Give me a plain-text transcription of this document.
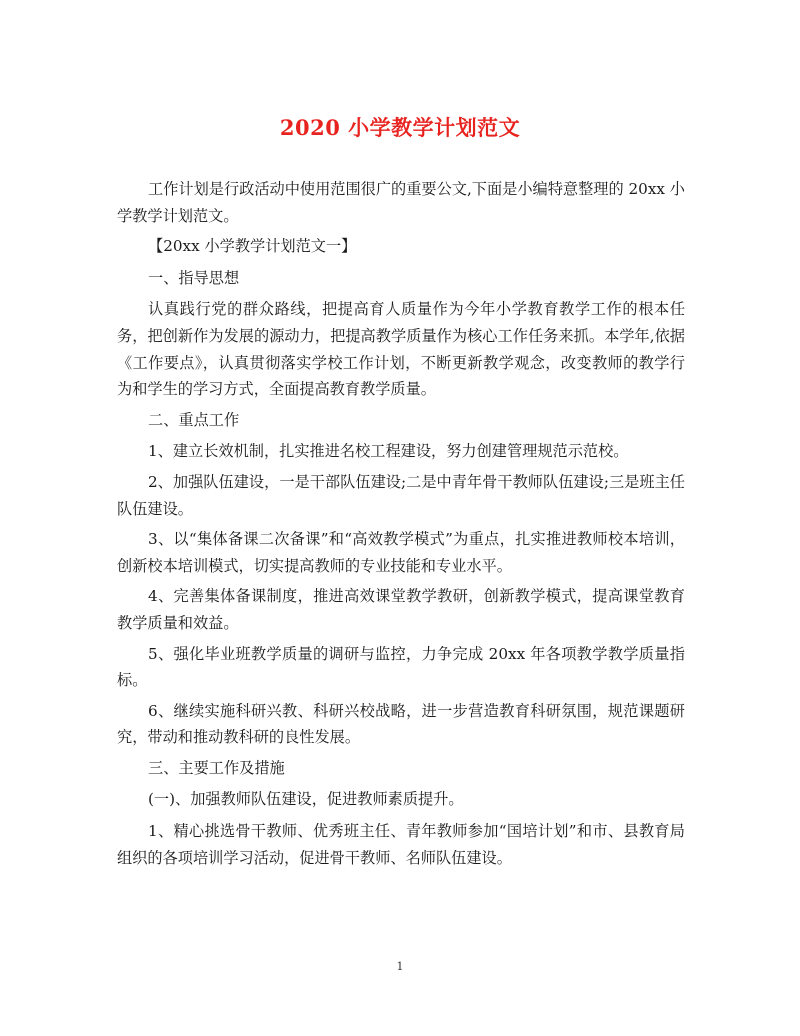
2020 小学教学计划范文

工作计划是行政活动中使用范围很广的重要公文,下面是小编特意整理的 20xx 小学教学计划范文。

【20xx 小学教学计划范文一】

一、指导思想

认真践行党的群众路线，把提高育人质量作为今年小学教育教学工作的根本任务，把创新作为发展的源动力，把提高教学质量作为核心工作任务来抓。本学年,依据《工作要点》，认真贯彻落实学校工作计划，不断更新教学观念，改变教师的教学行为和学生的学习方式，全面提高教育教学质量。

二、重点工作

1、建立长效机制，扎实推进名校工程建设，努力创建管理规范示范校。

2、加强队伍建设，一是干部队伍建设;二是中青年骨干教师队伍建设;三是班主任队伍建设。

3、以“集体备课二次备课”和“高效教学模式”为重点，扎实推进教师校本培训，创新校本培训模式，切实提高教师的专业技能和专业水平。

4、完善集体备课制度，推进高效课堂教学教研，创新教学模式，提高课堂教育教学质量和效益。

5、强化毕业班教学质量的调研与监控，力争完成 20xx 年各项教学教学质量指标。

6、继续实施科研兴教、科研兴校战略，进一步营造教育科研氛围，规范课题研究，带动和推动教科研的良性发展。

三、主要工作及措施

(一)、加强教师队伍建设，促进教师素质提升。

1、精心挑选骨干教师、优秀班主任、青年教师参加“国培计划”和市、县教育局组织的各项培训学习活动，促进骨干教师、名师队伍建设。

1
